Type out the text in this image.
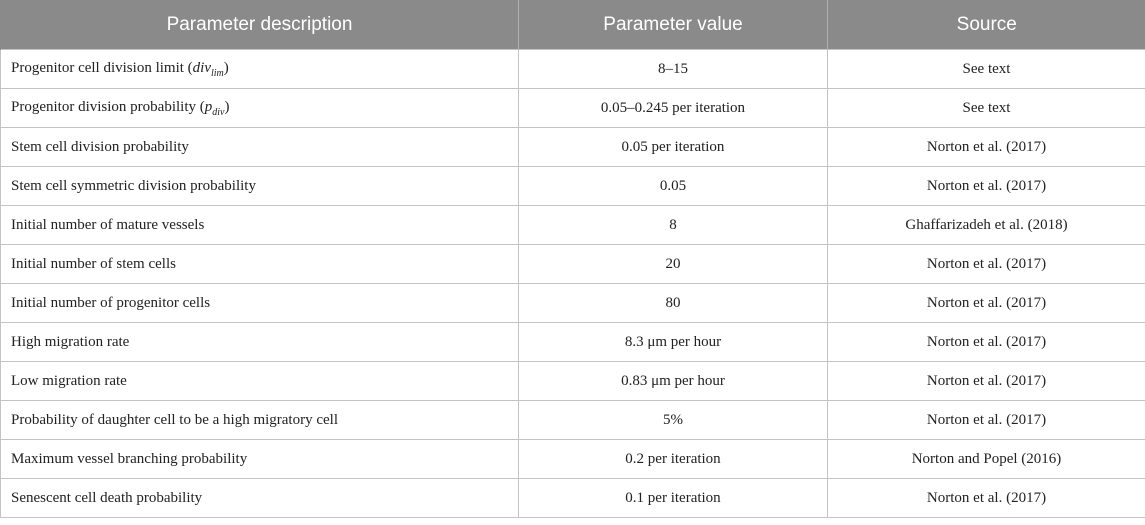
Parameter description	Parameter value	Source
Progenitor cell division limit (div$_{lim}$)	8–15	See text
Progenitor division probability $(p_{div})$	0.05–0.245 per iteration	See text
Stem cell division probability	0.05 per iteration	Norton et al. (2017)
Stem cell symmetric division probability	0.05	Norton et al. (2017)
Initial number of mature vessels	8	Ghaffarizadeh et al. (2018)
Initial number of stem cells	20	Norton et al. (2017)
Initial number of progenitor cells	80	Norton et al. (2017)
High migration rate	8.3 μm per hour	Norton et al. (2017)
Low migration rate	0.83 μm per hour	Norton et al. (2017)
Probability of daughter cell to be a high migratory cell	5%	Norton et al. (2017)
Maximum vessel branching probability	0.2 per iteration	Norton and Popel (2016)
Senescent cell death probability	0.1 per iteration	Norton et al. (2017)
